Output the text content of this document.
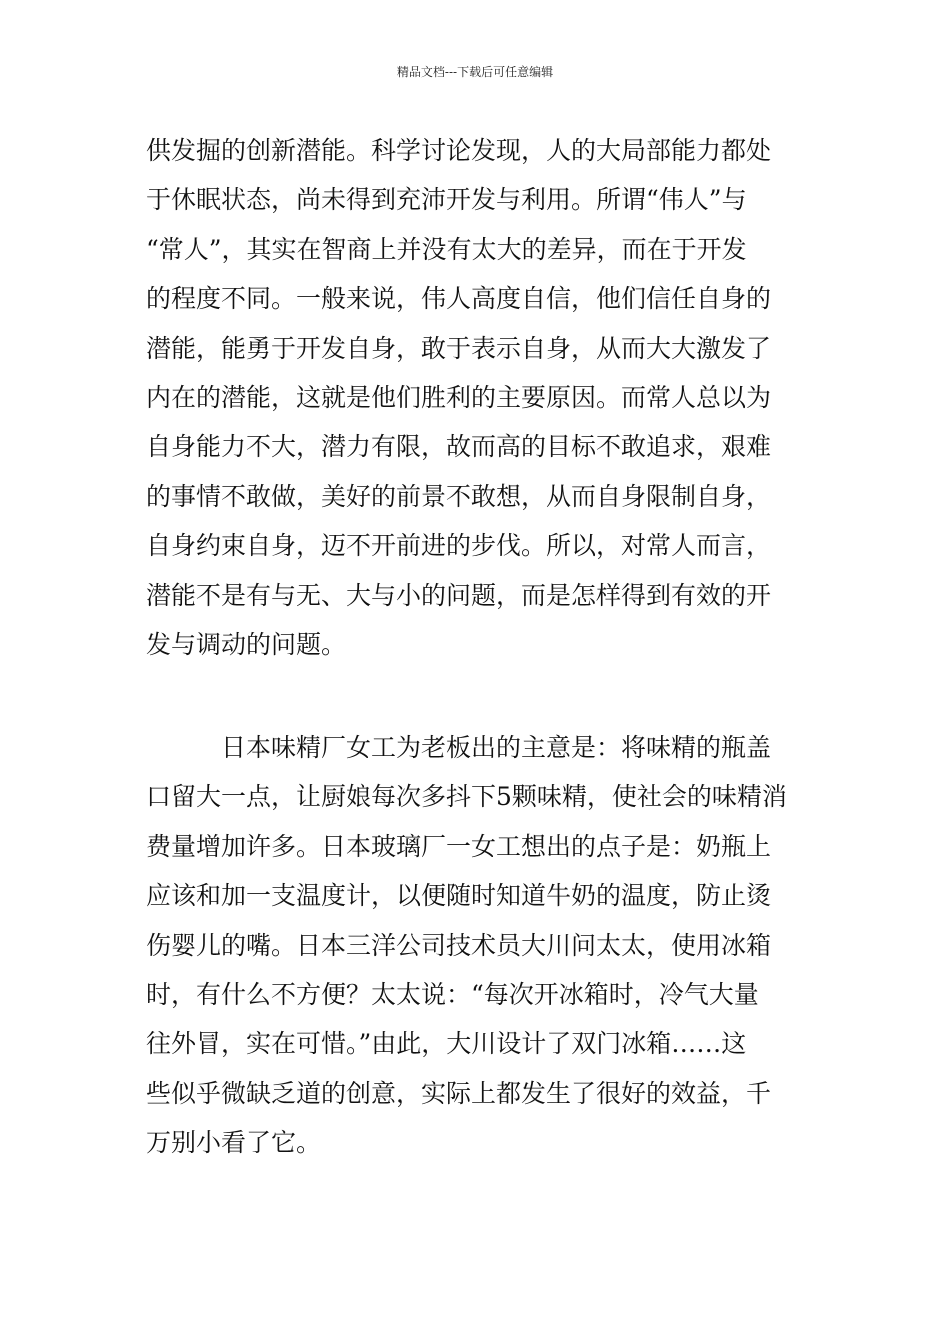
精品文档---下载后可任意编辑
供发掘的创新潜能。科学讨论发现，人的大局部能力都处
于休眠状态，尚未得到充沛开发与利用。所谓“伟人”与
“常人”，其实在智商上并没有太大的差异，而在于开发
的程度不同。一般来说，伟人高度自信，他们信任自身的
潜能，能勇于开发自身，敢于表示自身，从而大大激发了
内在的潜能，这就是他们胜利的主要原因。而常人总以为
自身能力不大，潜力有限，故而高的目标不敢追求，艰难
的事情不敢做，美好的前景不敢想，从而自身限制自身，
自身约束自身，迈不开前进的步伐。所以，对常人而言，
潜能不是有与无、大与小的问题，而是怎样得到有效的开
发与调动的问题。
　　　日本味精厂女工为老板出的主意是：将味精的瓶盖
口留大一点，让厨娘每次多抖下5颗味精，使社会的味精消
费量增加许多。日本玻璃厂一女工想出的点子是：奶瓶上
应该和加一支温度计，以便随时知道牛奶的温度，防止烫
伤婴儿的嘴。日本三洋公司技术员大川问太太，使用冰箱
时，有什么不方便？太太说：“每次开冰箱时，冷气大量
往外冒，实在可惜。”由此，大川设计了双门冰箱……这
些似乎微缺乏道的创意，实际上都发生了很好的效益，千
万别小看了它。
